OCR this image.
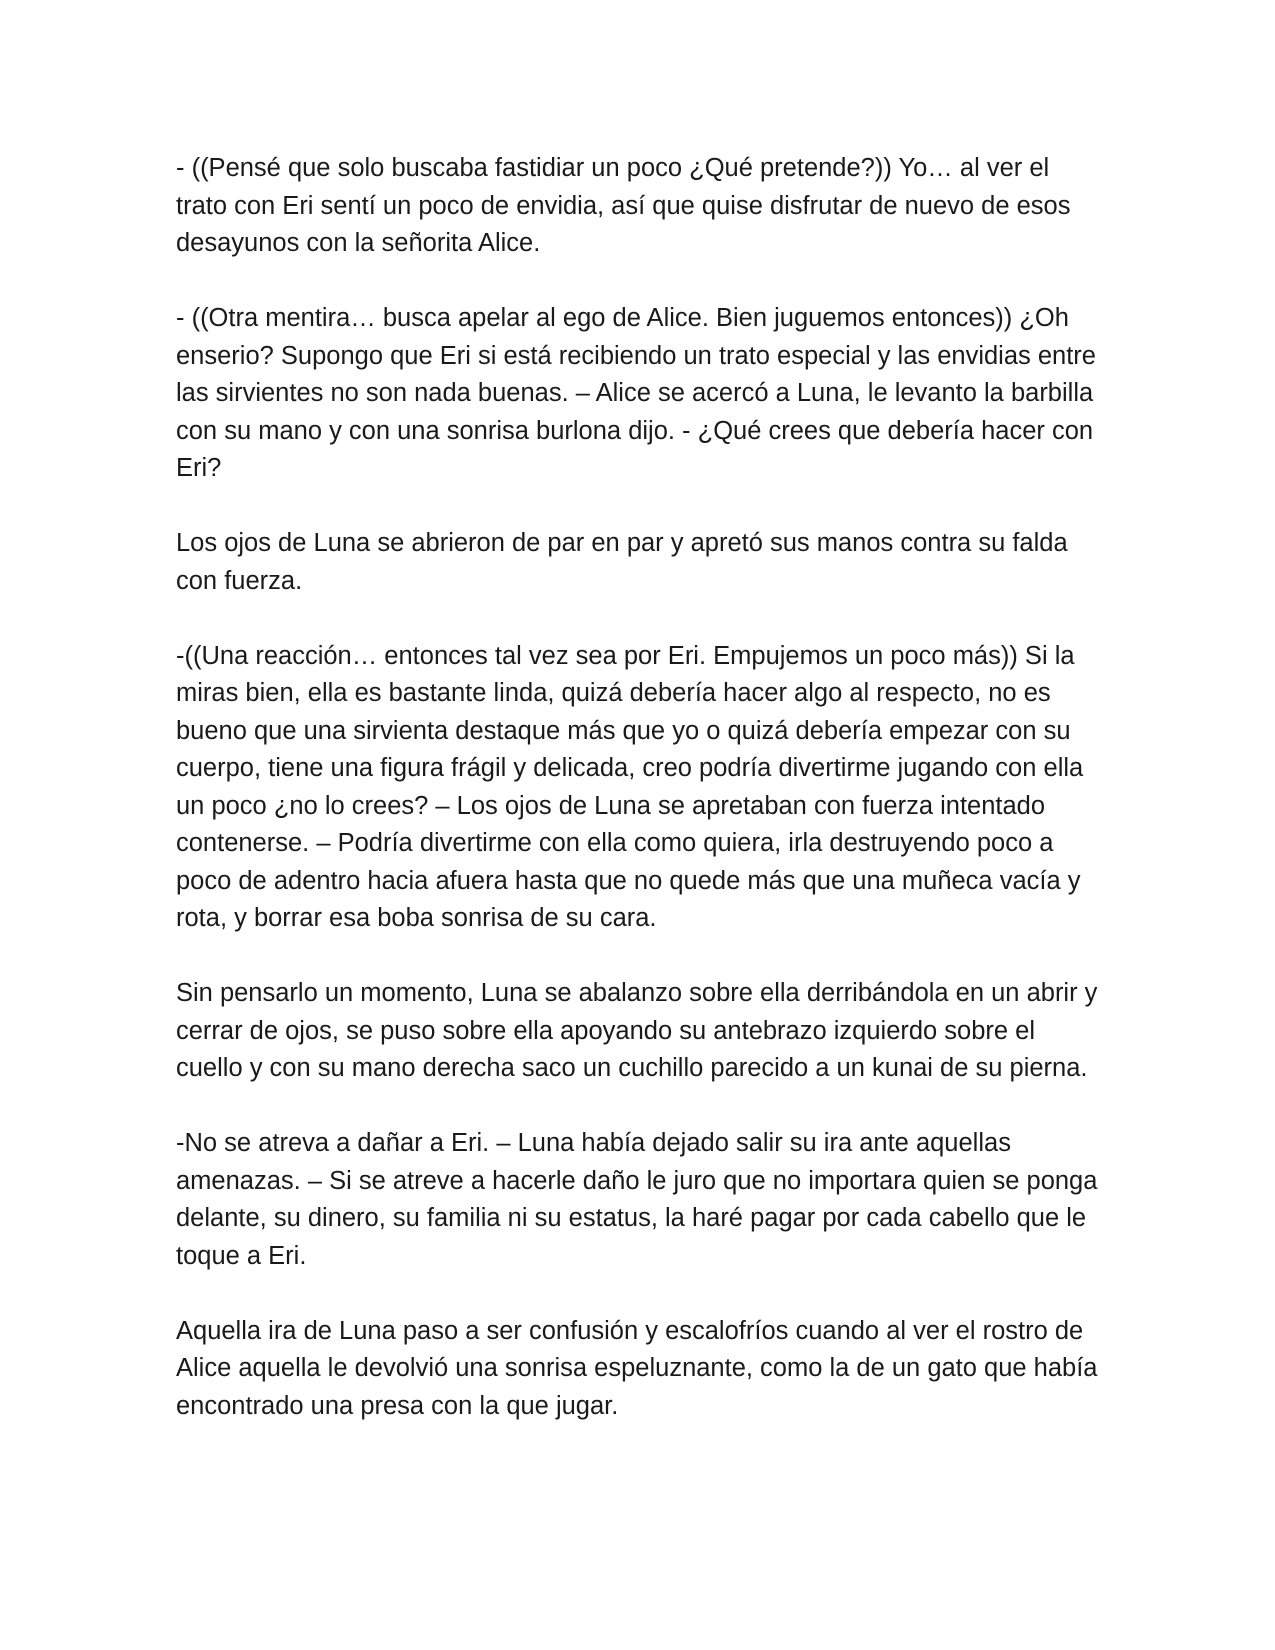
- ((Pensé que solo buscaba fastidiar un poco ¿Qué pretende?)) Yo… al ver el trato con Eri sentí un poco de envidia, así que quise disfrutar de nuevo de esos desayunos con la señorita Alice.

- ((Otra mentira… busca apelar al ego de Alice. Bien juguemos entonces)) ¿Oh enserio? Supongo que Eri si está recibiendo un trato especial y las envidias entre las sirvientes no son nada buenas. – Alice se acercó a Luna, le levanto la barbilla con su mano y con una sonrisa burlona dijo. - ¿Qué crees que debería hacer con Eri?

Los ojos de Luna se abrieron de par en par y apretó sus manos contra su falda con fuerza.

-((Una reacción… entonces tal vez sea por Eri. Empujemos un poco más)) Si la miras bien, ella es bastante linda, quizá debería hacer algo al respecto, no es bueno que una sirvienta destaque más que yo o quizá debería empezar con su cuerpo, tiene una figura frágil y delicada, creo podría divertirme jugando con ella un poco ¿no lo crees? – Los ojos de Luna se apretaban con fuerza intentado contenerse. – Podría divertirme con ella como quiera, irla destruyendo poco a poco de adentro hacia afuera hasta que no quede más que una muñeca vacía y rota, y borrar esa boba sonrisa de su cara.

Sin pensarlo un momento, Luna se abalanzo sobre ella derribándola en un abrir y cerrar de ojos, se puso sobre ella apoyando su antebrazo izquierdo sobre el cuello y con su mano derecha saco un cuchillo parecido a un kunai de su pierna.

-No se atreva a dañar a Eri. – Luna había dejado salir su ira ante aquellas amenazas. – Si se atreve a hacerle daño le juro que no importara quien se ponga delante, su dinero, su familia ni su estatus, la haré pagar por cada cabello que le toque a Eri.

Aquella ira de Luna paso a ser confusión y escalofríos cuando al ver el rostro de Alice aquella le devolvió una sonrisa espeluznante, como la de un gato que había encontrado una presa con la que jugar.
